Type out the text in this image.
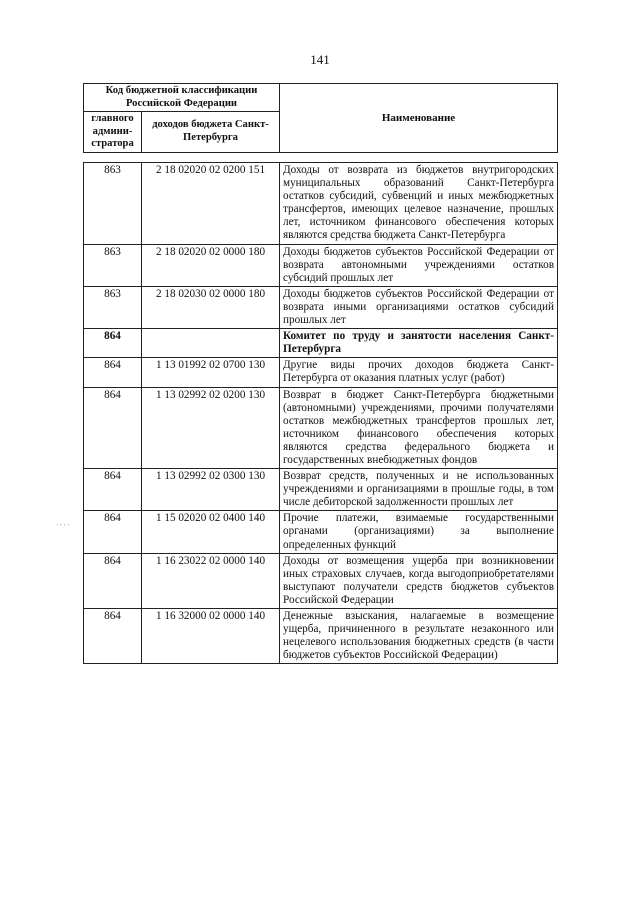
141
ᐧ··ᐧ
Код бюджетной классификации Российской Федерации		Наименование
главного админи-стратора	доходов бюджета Санкт-Петербурга	
863	2 18 02020 02 0200 151	Доходы от возврата из бюджетов внутригородских муниципальных образований Санкт-Петербурга остатков субсидий, субвенций и иных межбюджетных трансфертов, имеющих целевое назначение, прошлых лет, источником финансового обеспечения которых являются средства бюджета Санкт-Петербурга
863	2 18 02020 02 0000 180	Доходы бюджетов субъектов Российской Федерации от возврата автономными учреждениями остатков субсидий прошлых лет
863	2 18 02030 02 0000 180	Доходы бюджетов субъектов Российской Федерации от возврата иными организациями остатков субсидий прошлых лет
864		Комитет по труду и занятости населения Санкт-Петербурга
864	1 13 01992 02 0700 130	Другие виды прочих доходов бюджета Санкт-Петербурга от оказания платных услуг (работ)
864	1 13 02992 02 0200 130	Возврат в бюджет Санкт-Петербурга бюджетными (автономными) учреждениями, прочими получателями остатков межбюджетных трансфертов прошлых лет, источником финансового обеспечения которых являются средства федерального бюджета и государственных внебюджетных фондов
864	1 13 02992 02 0300 130	Возврат средств, полученных и не использованных учреждениями и организациями в прошлые годы, в том числе дебиторской задолженности прошлых лет
864	1 15 02020 02 0400 140	Прочие платежи, взимаемые государственными органами (организациями) за выполнение определенных функций
864	1 16 23022 02 0000 140	Доходы от возмещения ущерба при возникновении иных страховых случаев, когда выгодоприобретателями выступают получатели средств бюджетов субъектов Российской Федерации
864	1 16 32000 02 0000 140	Денежные взыскания, налагаемые в возмещение ущерба, причиненного в результате незаконного или нецелевого использования бюджетных средств (в части бюджетов субъектов Российской Федерации)
